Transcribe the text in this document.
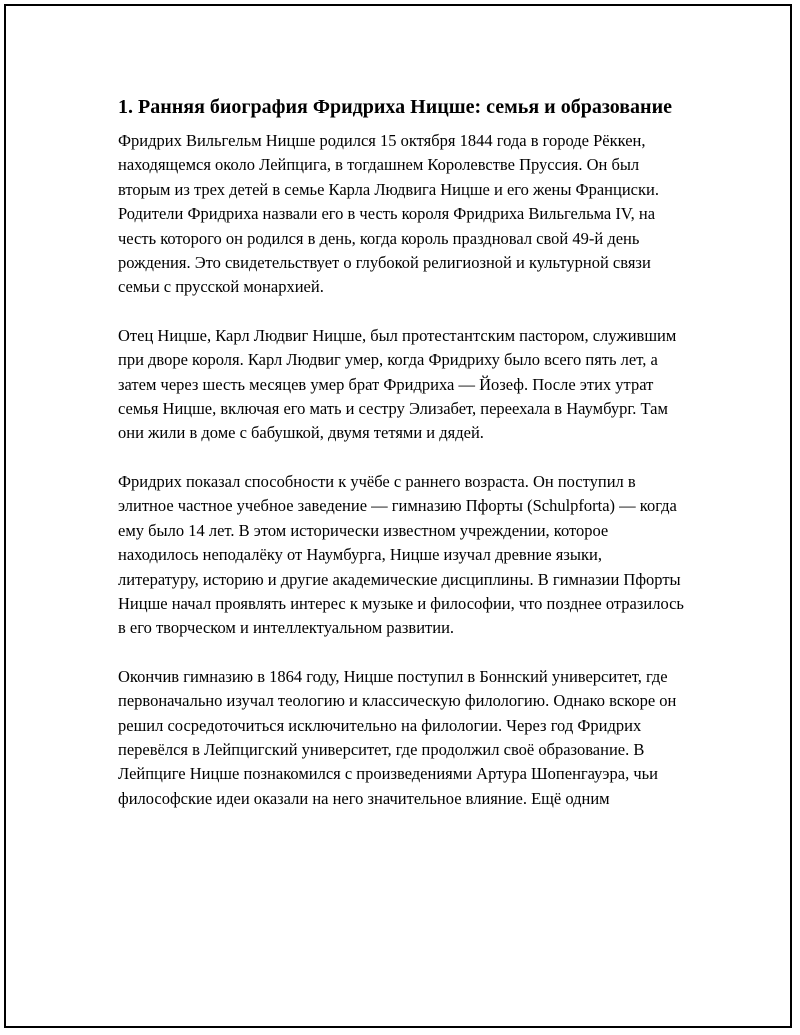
1. Ранняя биография Фридриха Ницше: семья и образование

Фридрих Вильгельм Ницше родился 15 октября 1844 года в городе Рёккен, находящемся около Лейпцига, в тогдашнем Королевстве Пруссия. Он был вторым из трех детей в семье Карла Людвига Ницше и его жены Франциски. Родители Фридриха назвали его в честь короля Фридриха Вильгельма IV, на честь которого он родился в день, когда король праздновал свой 49-й день рождения. Это свидетельствует о глубокой религиозной и культурной связи семьи с прусской монархией.

Отец Ницше, Карл Людвиг Ницше, был протестантским пастором, служившим при дворе короля. Карл Людвиг умер, когда Фридриху было всего пять лет, а затем через шесть месяцев умер брат Фридриха — Йозеф. После этих утрат семья Ницше, включая его мать и сестру Элизабет, переехала в Наумбург. Там они жили в доме с бабушкой, двумя тетями и дядей.

Фридрих показал способности к учёбе с раннего возраста. Он поступил в элитное частное учебное заведение — гимназию Пфорты (Schulpforta) — когда ему было 14 лет. В этом исторически известном учреждении, которое находилось неподалёку от Наумбурга, Ницше изучал древние языки, литературу, историю и другие академические дисциплины. В гимназии Пфорты Ницше начал проявлять интерес к музыке и философии, что позднее отразилось в его творческом и интеллектуальном развитии.

Окончив гимназию в 1864 году, Ницше поступил в Боннский университет, где первоначально изучал теологию и классическую филологию. Однако вскоре он решил сосредоточиться исключительно на филологии. Через год Фридрих перевёлся в Лейпцигский университет, где продолжил своё образование. В Лейпциге Ницше познакомился с произведениями Артура Шопенгауэра, чьи философские идеи оказали на него значительное влияние. Ещё одним
